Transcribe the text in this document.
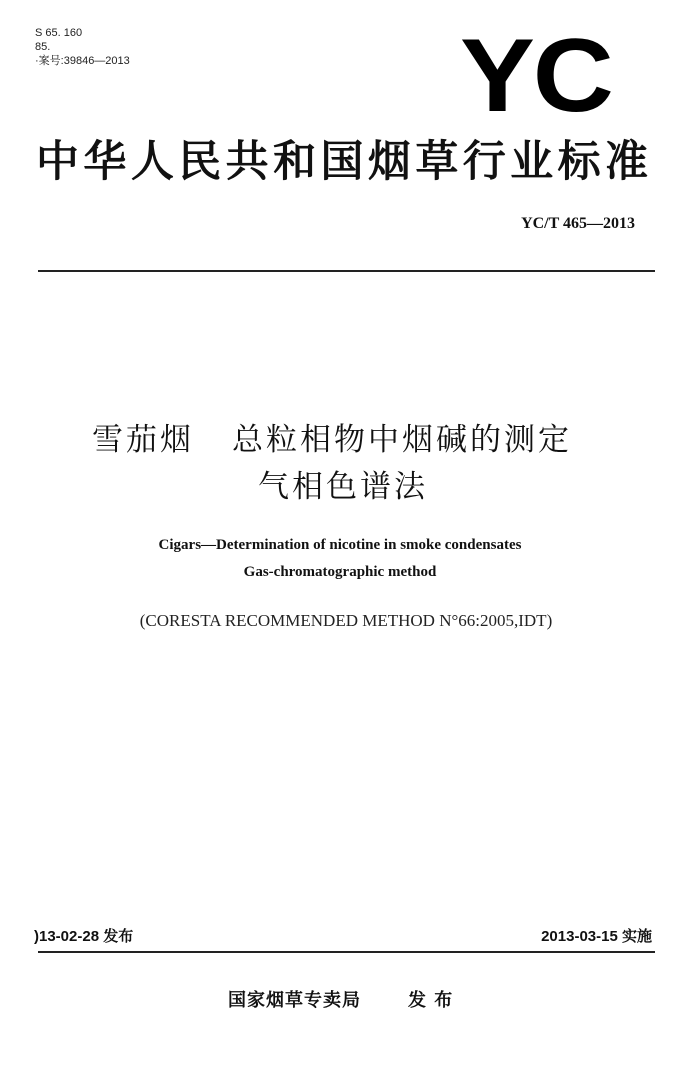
S 65. 160
85.
·案号:39846—2013	YC
中华人民共和国烟草行业标准
YC/T 465—2013
雪茄烟 总粒相物中烟碱的测定
气相色谱法
Cigars—Determination of nicotine in smoke condensates
Gas-chromatographic method
(CORESTA RECOMMENDED METHOD N°66:2005,IDT)
)13-02-28 发布	2013-03-15 实施
国家烟草专卖局	发 布
